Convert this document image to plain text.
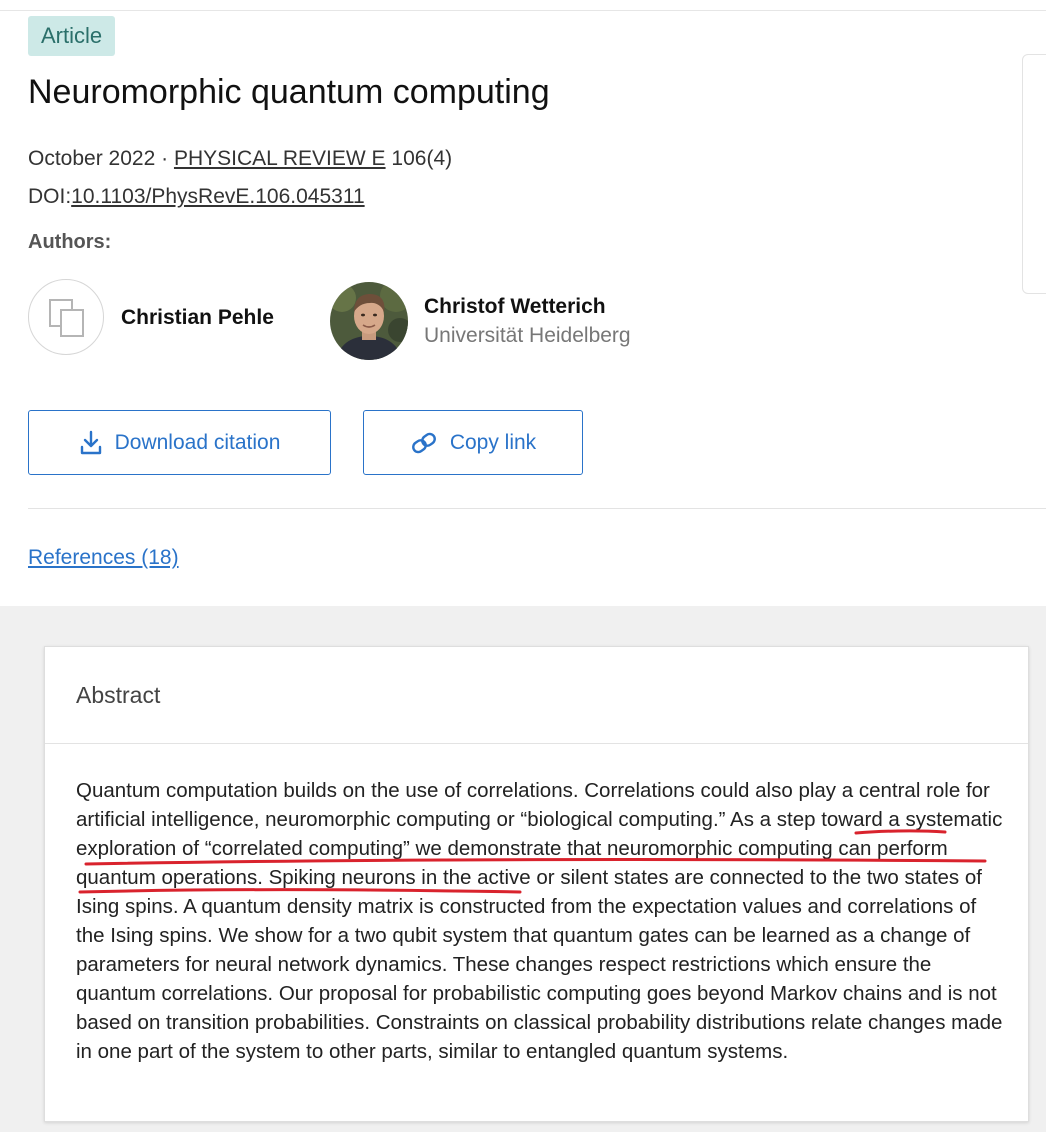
Article
Neuromorphic quantum computing
October 2022 · PHYSICAL REVIEW E 106(4)
DOI:10.1103/PhysRevE.106.045311
Authors:
Christian Pehle	Christof Wetterich
Universität Heidelberg
Download citation	Copy link
References (18)
Abstract

Quantum computation builds on the use of correlations. Correlations could also play a central role for artificial intelligence, neuromorphic computing or “biological computing.” As a step toward a systematic exploration of “correlated computing” we demonstrate that neuromorphic computing can perform quantum operations. Spiking neurons in the active or silent states are connected to the two states of Ising spins. A quantum density matrix is constructed from the expectation values and correlations of the Ising spins. We show for a two qubit system that quantum gates can be learned as a change of parameters for neural network dynamics. These changes respect restrictions which ensure the quantum correlations. Our proposal for probabilistic computing goes beyond Markov chains and is not based on transition probabilities. Constraints on classical probability distributions relate changes made in one part of the system to other parts, similar to entangled quantum systems.
